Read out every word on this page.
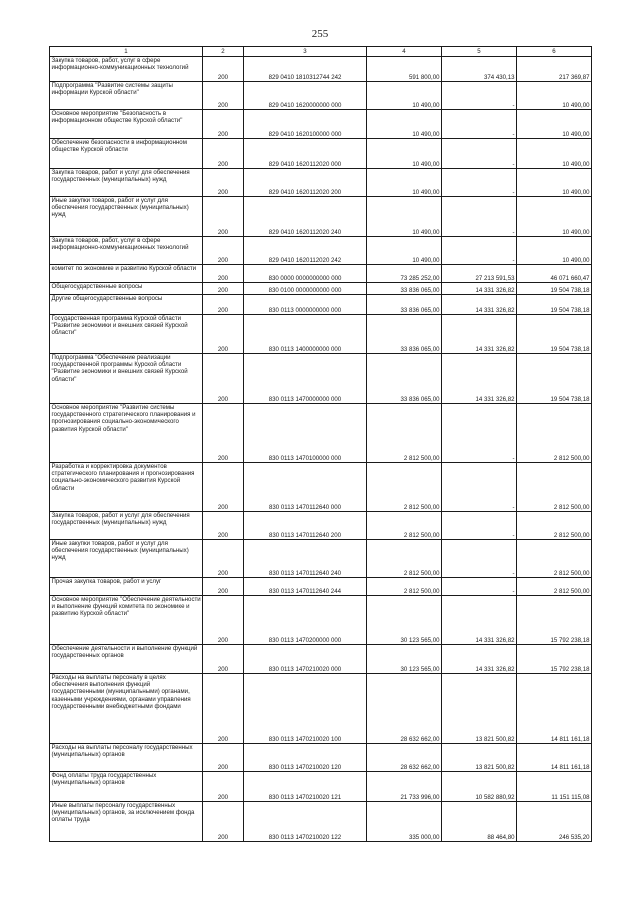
255
1	2	3	4	5	6
Закупка товаров, работ, услуг в сфере информационно-коммуникационных технологий	200	829 0410 1810312744 242	591 800,00	374 430,13	217 369,87
Подпрограмма "Развитие системы защиты информации Курской области"	200	829 0410 1620000000 000	10 490,00	-	10 490,00
Основное мероприятие "Безопасность в информационном обществе Курской области"	200	829 0410 1620100000 000	10 490,00	-	10 490,00
Обеспечение безопасности в информационном обществе Курской области	200	829 0410 1620112020 000	10 490,00	-	10 490,00
Закупка товаров, работ и услуг для обеспечения государственных (муниципальных) нужд	200	829 0410 1620112020 200	10 490,00	-	10 490,00
Иные закупки товаров, работ и услуг для обеспечения государственных (муниципальных) нужд	200	829 0410 1620112020 240	10 490,00	-	10 490,00
Закупка товаров, работ, услуг в сфере информационно-коммуникационных технологий	200	829 0410 1620112020 242	10 490,00	-	10 490,00
комитет по экономике и развитию Курской области	200	830 0000 0000000000 000	73 285 252,00	27 213 591,53	46 071 660,47
Общегосударственные вопросы	200	830 0100 0000000000 000	33 836 065,00	14 331 326,82	19 504 738,18
Другие общегосударственные вопросы	200	830 0113 0000000000 000	33 836 065,00	14 331 326,82	19 504 738,18
Государственная программа Курской области "Развитие экономики и внешних связей Курской области"	200	830 0113 1400000000 000	33 836 065,00	14 331 326,82	19 504 738,18
Подпрограмма "Обеспечение реализации государственной программы Курской области "Развитие экономики и внешних связей Курской области"	200	830 0113 1470000000 000	33 836 065,00	14 331 326,82	19 504 738,18
Основное мероприятие "Развитие системы государственного стратегического планирования и прогнозирования социально-экономического развития Курской области"	200	830 0113 1470100000 000	2 812 500,00	-	2 812 500,00
Разработка и корректировка документов стратегического планирования и прогнозирования социально-экономического развития Курской области	200	830 0113 1470112640 000	2 812 500,00	-	2 812 500,00
Закупка товаров, работ и услуг для обеспечения государственных (муниципальных) нужд	200	830 0113 1470112640 200	2 812 500,00	-	2 812 500,00
Иные закупки товаров, работ и услуг для обеспечения государственных (муниципальных) нужд	200	830 0113 1470112640 240	2 812 500,00	-	2 812 500,00
Прочая закупка товаров, работ и услуг	200	830 0113 1470112640 244	2 812 500,00	-	2 812 500,00
Основное мероприятие "Обеспечение деятельности и выполнение функций комитета по экономике и развитию Курской области"	200	830 0113 1470200000 000	30 123 565,00	14 331 326,82	15 792 238,18
Обеспечение деятельности и выполнение функций государственных органов	200	830 0113 1470210020 000	30 123 565,00	14 331 326,82	15 792 238,18
Расходы на выплаты персоналу в целях обеспечения выполнения функций государственными (муниципальными) органами, казенными учреждениями, органами управления государственными внебюджетными фондами	200	830 0113 1470210020 100	28 632 662,00	13 821 500,82	14 811 161,18
Расходы на выплаты персоналу государственных (муниципальных) органов	200	830 0113 1470210020 120	28 632 662,00	13 821 500,82	14 811 161,18
Фонд оплаты труда государственных (муниципальных) органов	200	830 0113 1470210020 121	21 733 996,00	10 582 880,92	11 151 115,08
Иные выплаты персоналу государственных (муниципальных) органов, за исключением фонда оплаты труда	200	830 0113 1470210020 122	335 000,00	88 464,80	246 535,20
